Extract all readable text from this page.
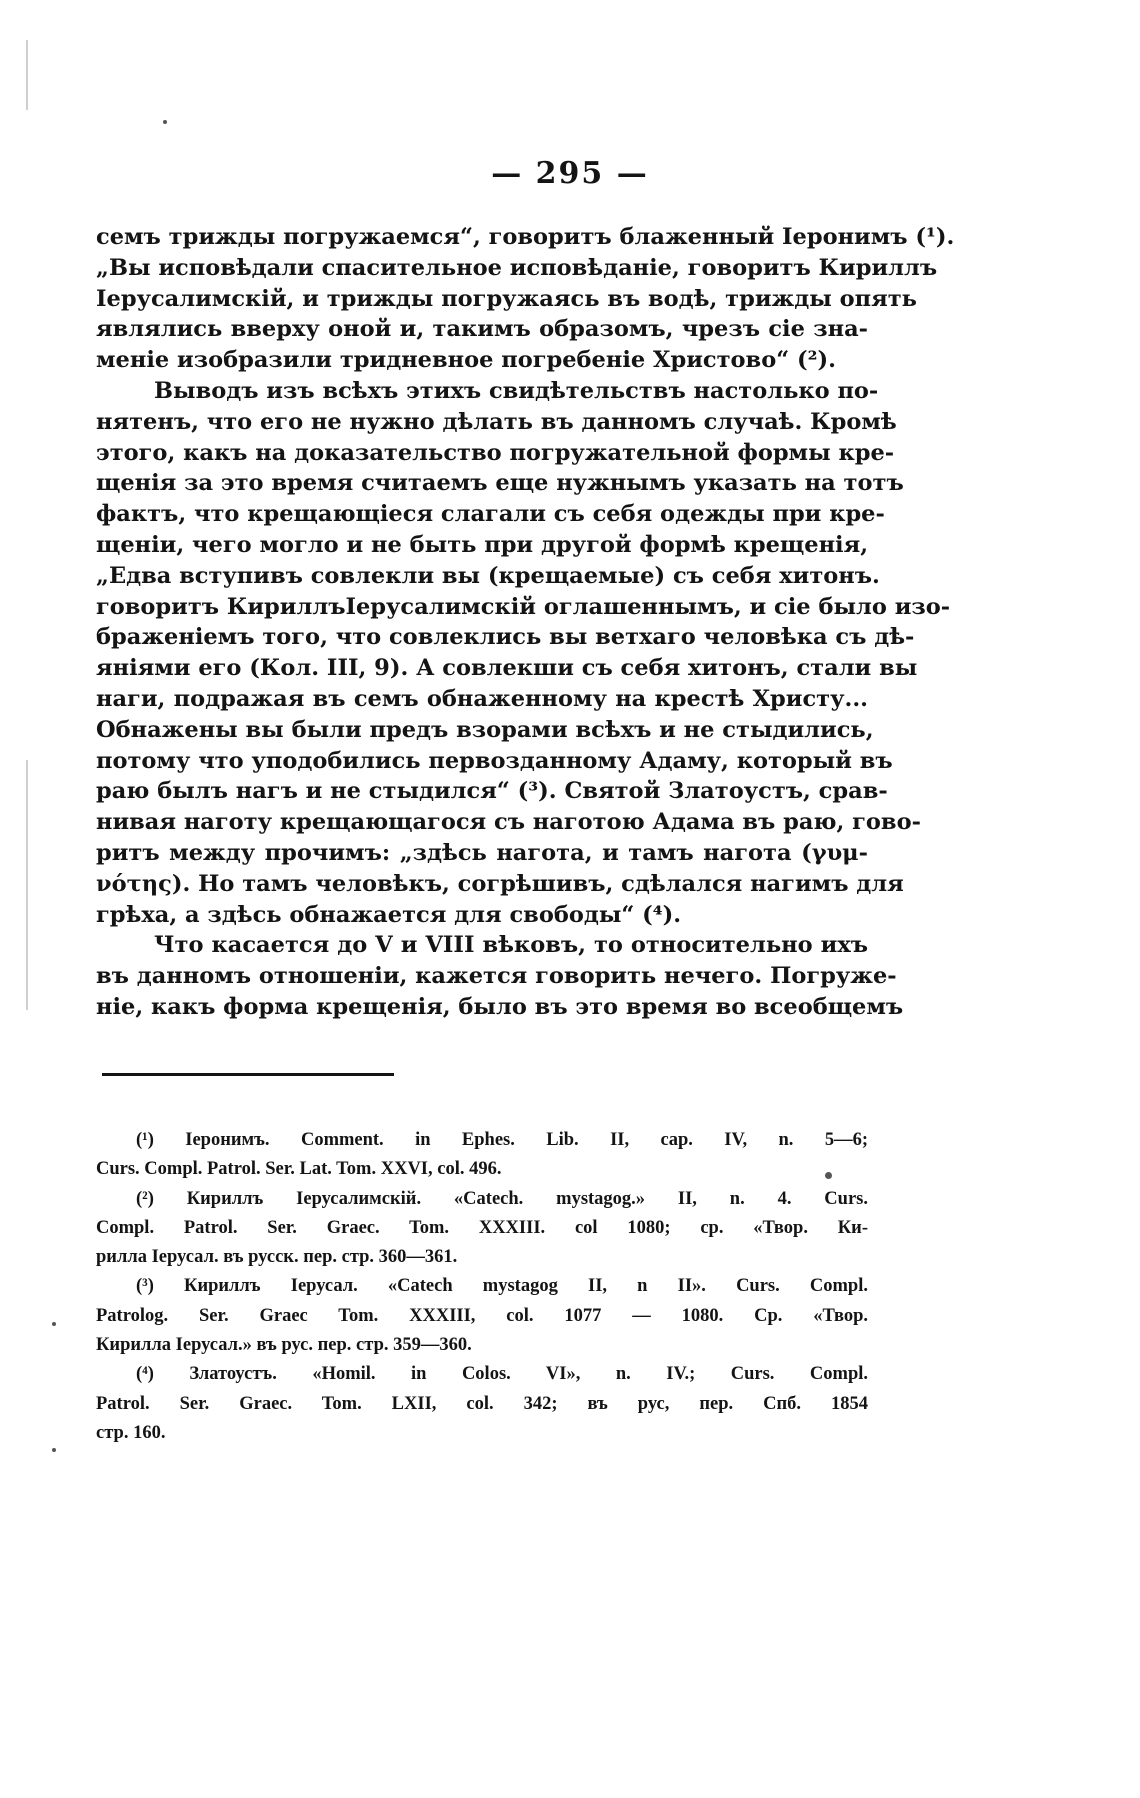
— 295 —
семъ трижды погружаемся“, говоритъ блаженный Іеронимъ (¹).
„Вы исповѣдали спасительное исповѣданіе, говоритъ Кириллъ
Іерусалимскій, и трижды погружаясь въ водѣ, трижды опять
являлись вверху оной и, такимъ образомъ, чрезъ сіе зна-
меніе изобразили тридневное погребеніе Христово“ (²).
Выводъ изъ всѣхъ этихъ свидѣтельствъ настолько по-
нятенъ, что его не нужно дѣлать въ данномъ случаѣ. Кромѣ
этого, какъ на доказательство погружательной формы кре-
щенія за это время считаемъ еще нужнымъ указать на тотъ
фактъ, что крещающіеся слагали съ себя одежды при кре-
щеніи, чего могло и не быть при другой формѣ крещенія,
„Едва вступивъ совлекли вы (крещаемые) съ себя хитонъ.
говоритъ КириллъІерусалимскій оглашеннымъ, и сіе было изо-
браженіемъ того, что совлеклись вы ветхаго человѣка съ дѣ-
яніями его (Кол. III, 9). А совлекши съ себя хитонъ, стали вы
наги, подражая въ семъ обнаженному на крестѣ Христу...
Обнажены вы были предъ взорами всѣхъ и не стыдились,
потому что уподобились первозданному Адаму, который въ
раю былъ нагъ и не стыдился“ (³). Святой Златоустъ, срав-
нивая наготу крещающагося съ наготою Адама въ раю, гово-
ритъ между прочимъ: „здѣсь нагота, и тамъ нагота (γυμ-
νότης). Но тамъ человѣкъ, согрѣшивъ, сдѣлался нагимъ для
грѣха, а здѣсь обнажается для свободы“ (⁴).
Что касается до V и VIII вѣковъ, то относительно ихъ
въ данномъ отношеніи, кажется говорить нечего. Погруже-
ніе, какъ форма крещенія, было въ это время во всеобщемъ
(¹) Іеронимъ. Comment. in Ephes. Lib. II, cap. IV, n. 5—6;
Curs. Compl. Patrol. Ser. Lat. Tom. XXVI, col. 496.
(²) Кириллъ Іерусалимскій. «Catech. mystagog.» II, n. 4. Curs.
Compl. Patrol. Ser. Graec. Tom. XXXIII. col 1080; ср. «Твор. Ки-
рилла Іерусал. въ русск. пер. стр. 360—361.
(³) Кириллъ Іерусал. «Catech mystagog II, n II». Curs. Compl.
Patrolog. Ser. Graec Tom. XXXIII, col. 1077 — 1080. Ср. «Твор.
Кирилла Іерусал.» въ рус. пер. стр. 359—360.
(⁴) Златоустъ. «Homil. in Colos. VI», n. IV.; Curs. Compl.
Patrol. Ser. Graec. Tom. LXII, col. 342; въ рус, пер. Спб. 1854
стр. 160.
